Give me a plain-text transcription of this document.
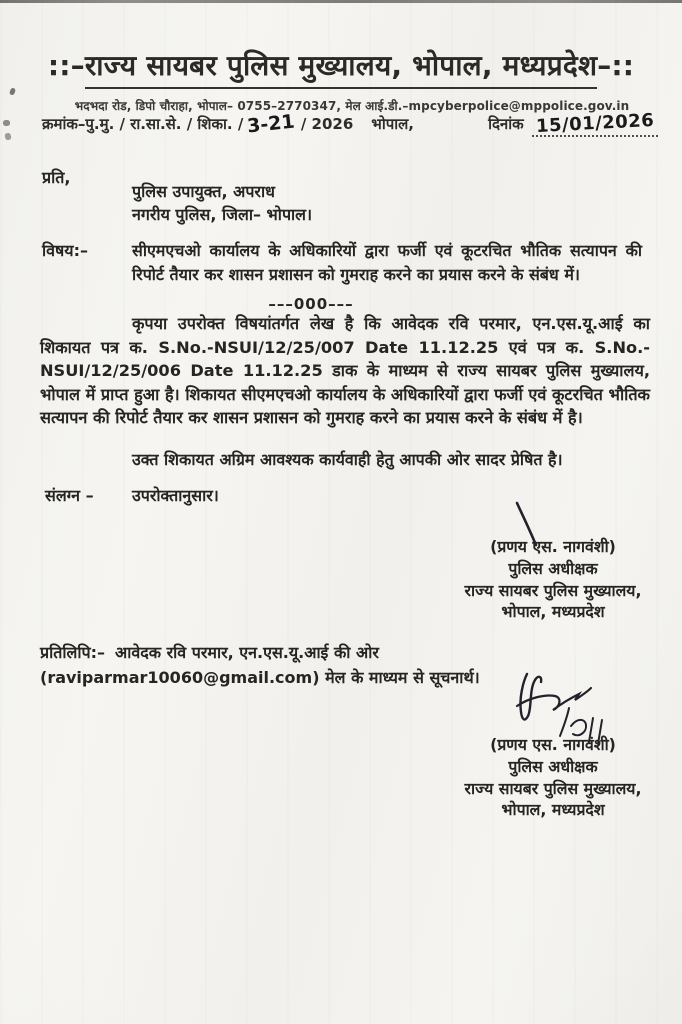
::–राज्य सायबर पुलिस मुख्यालय, भोपाल, मध्यप्रदेश–::
भदभदा रोड, डिपो चौराहा, भोपाल– 0755–2770347, मेल आई.डी.–mpcyberpolice@mppolice.gov.in
क्रमांक–पु.मु. / रा.सा.से. / शिका. / 3-21 / 2026 भोपाल,	दिनांक 15/01/2026
प्रति,
पुलिस उपायुक्त, अपराध
नगरीय पुलिस, जिला– भोपाल।
विषय:–	सीएमएचओ कार्यालय के अधिकारियों द्वारा फर्जी एवं कूटरचित भौतिक सत्यापन की रिपोर्ट तैयार कर शासन प्रशासन को गुमराह करने का प्रयास करने के संबंध में।
–––000–––
कृपया उपरोक्त विषयांतर्गत लेख है कि आवेदक रवि परमार, एन.एस.यू.आई का शिकायत पत्र क. S.No.-NSUI/12/25/007 Date 11.12.25 एवं पत्र क. S.No.-NSUI/12/25/006 Date 11.12.25 डाक के माध्यम से राज्य सायबर पुलिस मुख्यालय, भोपाल में प्राप्त हुआ है। शिकायत सीएमएचओ कार्यालय के अधिकारियों द्वारा फर्जी एवं कूटरचित भौतिक सत्यापन की रिपोर्ट तैयार कर शासन प्रशासन को गुमराह करने का प्रयास करने के संबंध में है।
उक्त शिकायत अग्रिम आवश्यक कार्यवाही हेतु आपकी ओर सादर प्रेषित है।
संलग्न – उपरोक्तानुसार।
(प्रणय एस. नागवंशी)
पुलिस अधीक्षक
राज्य सायबर पुलिस मुख्यालय,
भोपाल, मध्यप्रदेश
प्रतिलिपि:– आवेदक रवि परमार, एन.एस.यू.आई की ओर (raviparmar10060@gmail.com) मेल के माध्यम से सूचनार्थ।
(प्रणय एस. नागवंशी)
पुलिस अधीक्षक
राज्य सायबर पुलिस मुख्यालय,
भोपाल, मध्यप्रदेश
